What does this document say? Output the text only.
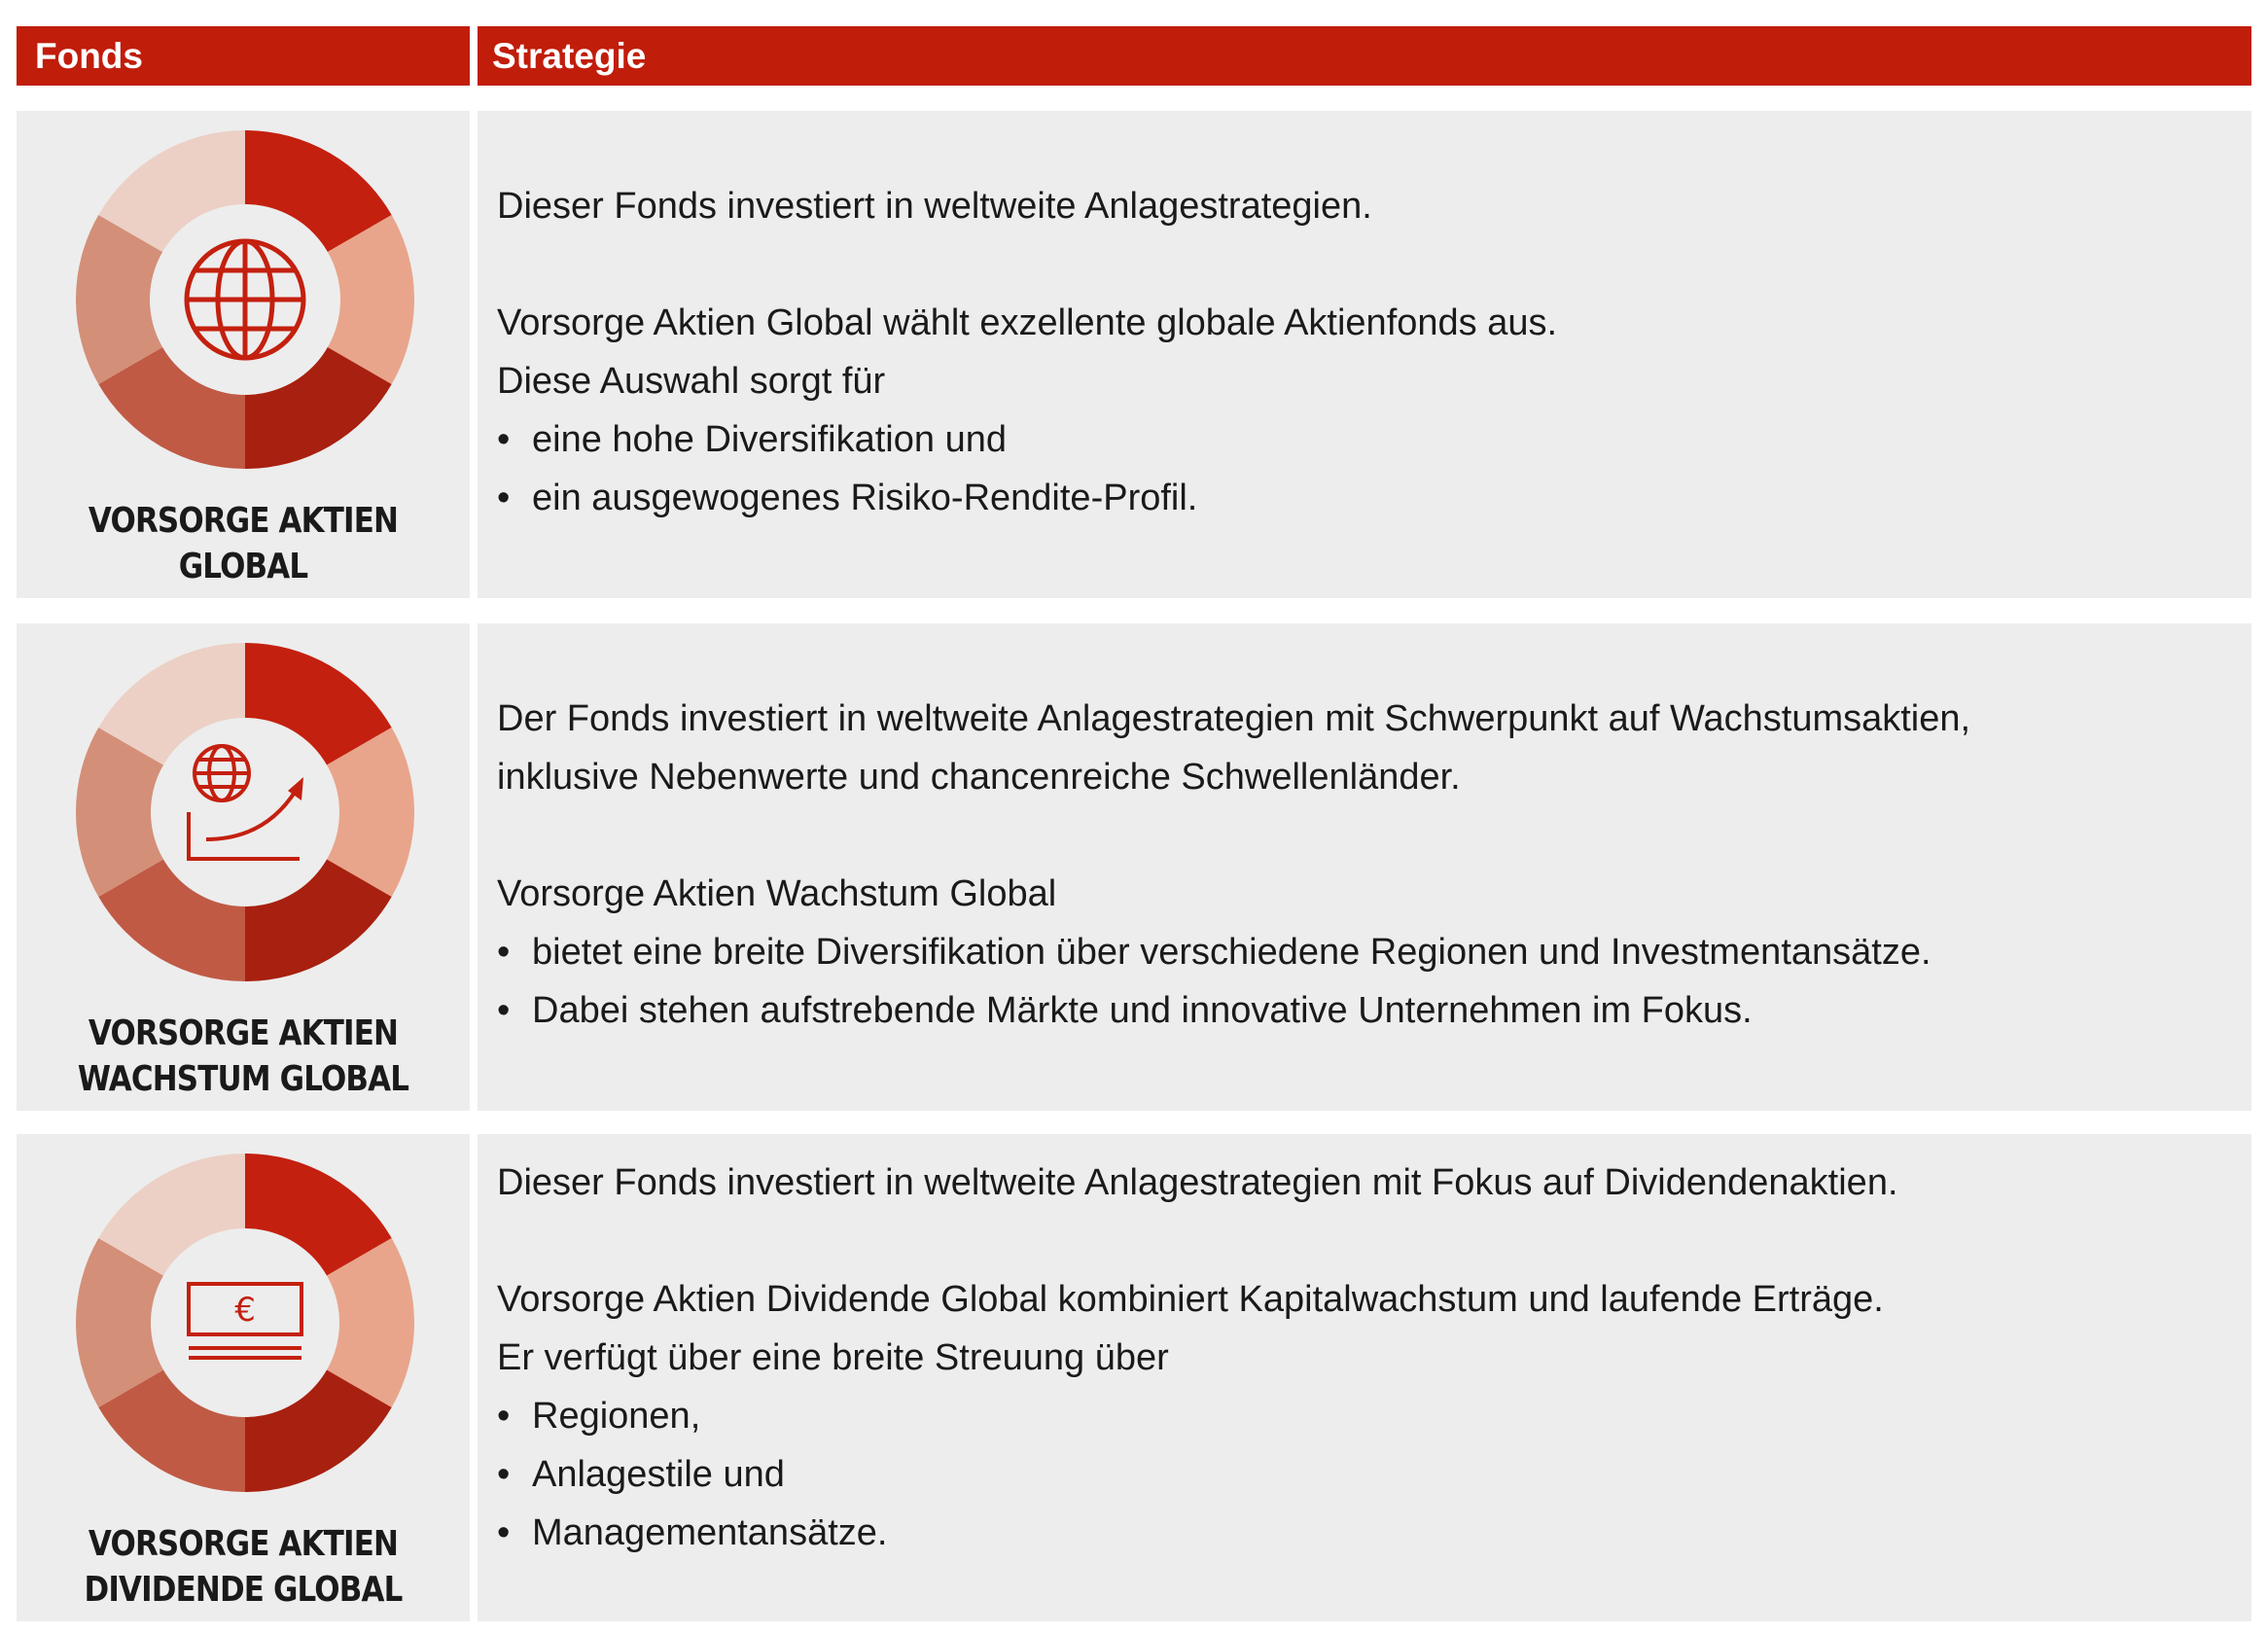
Fonds	Strategie
VORSORGE AKTIEN
GLOBAL

Dieser Fonds investiert in weltweite Anlagestrategien.

Vorsorge Aktien Global wählt exzellente globale Aktienfonds aus.

Diese Auswahl sorgt für

• eine hohe Diversifikation und
• ein ausgewogenes Risiko-Rendite-Profil.
VORSORGE AKTIEN
WACHSTUM GLOBAL

Der Fonds investiert in weltweite Anlagestrategien mit Schwerpunkt auf Wachstumsaktien,

inklusive Nebenwerte und chancenreiche Schwellenländer.

Vorsorge Aktien Wachstum Global

• bietet eine breite Diversifikation über verschiedene Regionen und Investmentansätze.
• Dabei stehen aufstrebende Märkte und innovative Unternehmen im Fokus.
€
VORSORGE AKTIEN
DIVIDENDE GLOBAL

Dieser Fonds investiert in weltweite Anlagestrategien mit Fokus auf Dividendenaktien.

Vorsorge Aktien Dividende Global kombiniert Kapitalwachstum und laufende Erträge.

Er verfügt über eine breite Streuung über

• Regionen,
• Anlagestile und
• Managementansätze.
